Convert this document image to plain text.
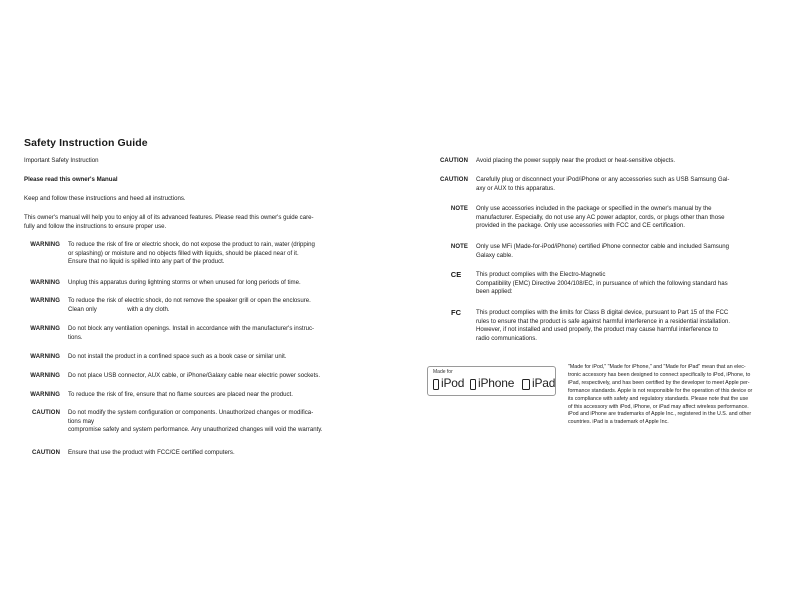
Safety Instruction Guide
Important Safety Instruction
Please read this owner's Manual
Keep and follow these instructions and heed all instructions.
This owner's manual will help you to enjoy all of its advanced features. Please read this owner's guide care-
fully and follow the instructions to ensure proper use.
WARNING To reduce the risk of fire or electric shock, do not expose the product to rain, water (dripping
or splashing) or moisture and no objects filled with liquids, should be placed near of it.
Ensure that no liquid is spilled into any part of the product.
WARNING Unplug this apparatus during lightning storms or when unused for long periods of time.
WARNING To reduce the risk of electric shock, do not remove the speaker grill or open the enclosure.
Clean only                  with a dry cloth.
WARNING Do not block any ventilation openings. Install in accordance with the manufacturer's instruc-
tions.
WARNING Do not install the product in a confined space such as a book case or similar unit.
WARNING Do not place USB connector, AUX cable, or iPhone/Galaxy cable near electric power sockets.
WARNING To reduce the risk of fire, ensure that no flame sources are placed near the product.
CAUTION Do not modify the system configuration or components. Unauthorized changes or modifica-
tions may
compromise safety and system performance. Any unauthorized changes will void the warranty.
CAUTION Ensure that use the product with FCC/CE certified computers.
CAUTION Avoid placing the power supply near the product or heat-sensitive objects.
CAUTION Carefully plug or disconnect your iPod/iPhone or any accessories such as USB Samsung Gal-
axy or AUX to this apparatus.
NOTE Only use accessories included in the package or specified in the owner's manual by the
manufacturer. Especially, do not use any AC power adaptor, cords, or plugs other than those
provided in the package. Only use accessories with FCC and CE certification.
NOTE Only use MFi (Made-for-iPod/iPhone) certified iPhone connector cable and included Samsung
Galaxy cable.
CE	This product complies with the Electro-Magnetic
Compatibility (EMC) Directive 2004/108/EC, in pursuance of which the following standard has
been applied:
FC	This product complies with the limits for Class B digital device, pursuant to Part 15 of the FCC
rules to ensure that the product is safe against harmful interference in a residential installation.
However, if not installed and used properly, the product may cause harmful interference to
radio communications.
Made for
iPod iPhone iPad
"Made for iPod," "Made for iPhone," and "Made for iPad" mean that an elec-
tronic accessory has been designed to connect specifically to iPod, iPhone, to
iPad, respectively, and has been certified by the developer to meet Apple per-
formance standards. Apple is not responsible for the operation of this device or
its compliance with safety and regulatory standards. Please note that the use
of this accessory with iPod, iPhone, or iPad may affect wireless performance.
iPod and iPhone are trademarks of Apple Inc., registered in the U.S. and other
countries. iPad is a trademark of Apple Inc.
